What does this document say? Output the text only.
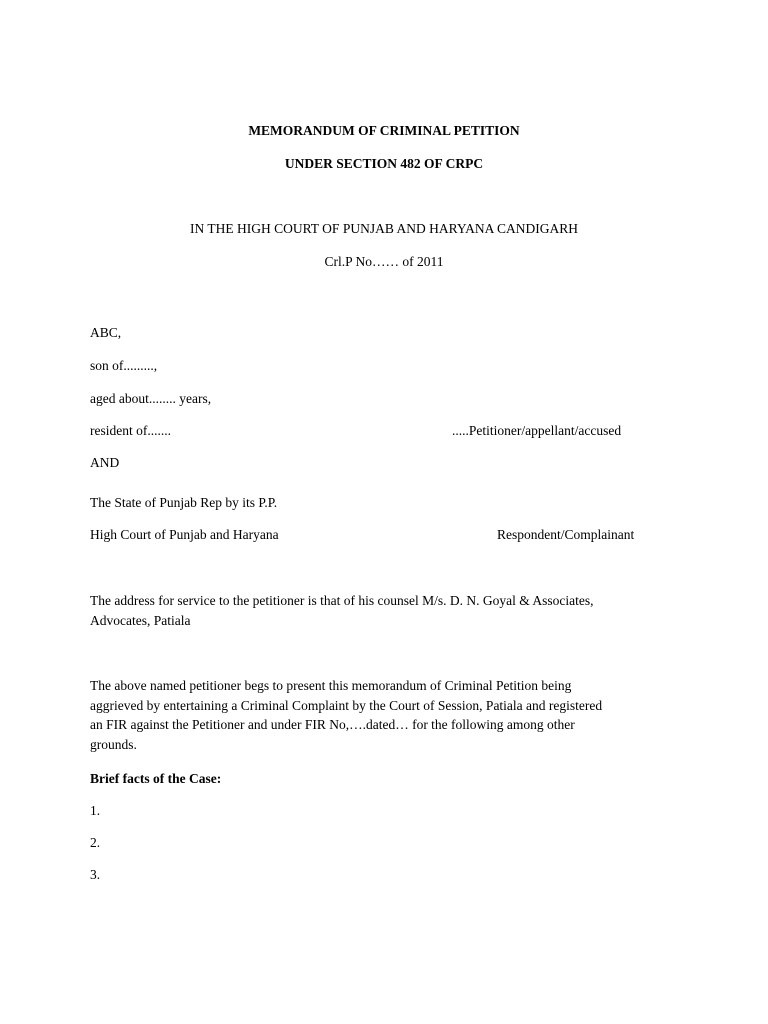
MEMORANDUM OF CRIMINAL PETITION
UNDER SECTION 482 OF CRPC
IN THE HIGH COURT OF PUNJAB AND HARYANA CANDIGARH
Crl.P No…… of 2011
ABC,
son of.........,
aged about........ years,
resident of.......	.....Petitioner/appellant/accused
AND
The State of Punjab Rep by its P.P.
High Court of Punjab and Haryana	Respondent/Complainant
The address for service to the petitioner is that of his counsel M/s. D. N. Goyal & Associates,
Advocates, Patiala
The above named petitioner begs to present this memorandum of Criminal Petition being
aggrieved by entertaining a Criminal Complaint by the Court of Session, Patiala and registered
an FIR against the Petitioner and under FIR No,….dated… for the following among other
grounds.
Brief facts of the Case:
1.
2.
3.
